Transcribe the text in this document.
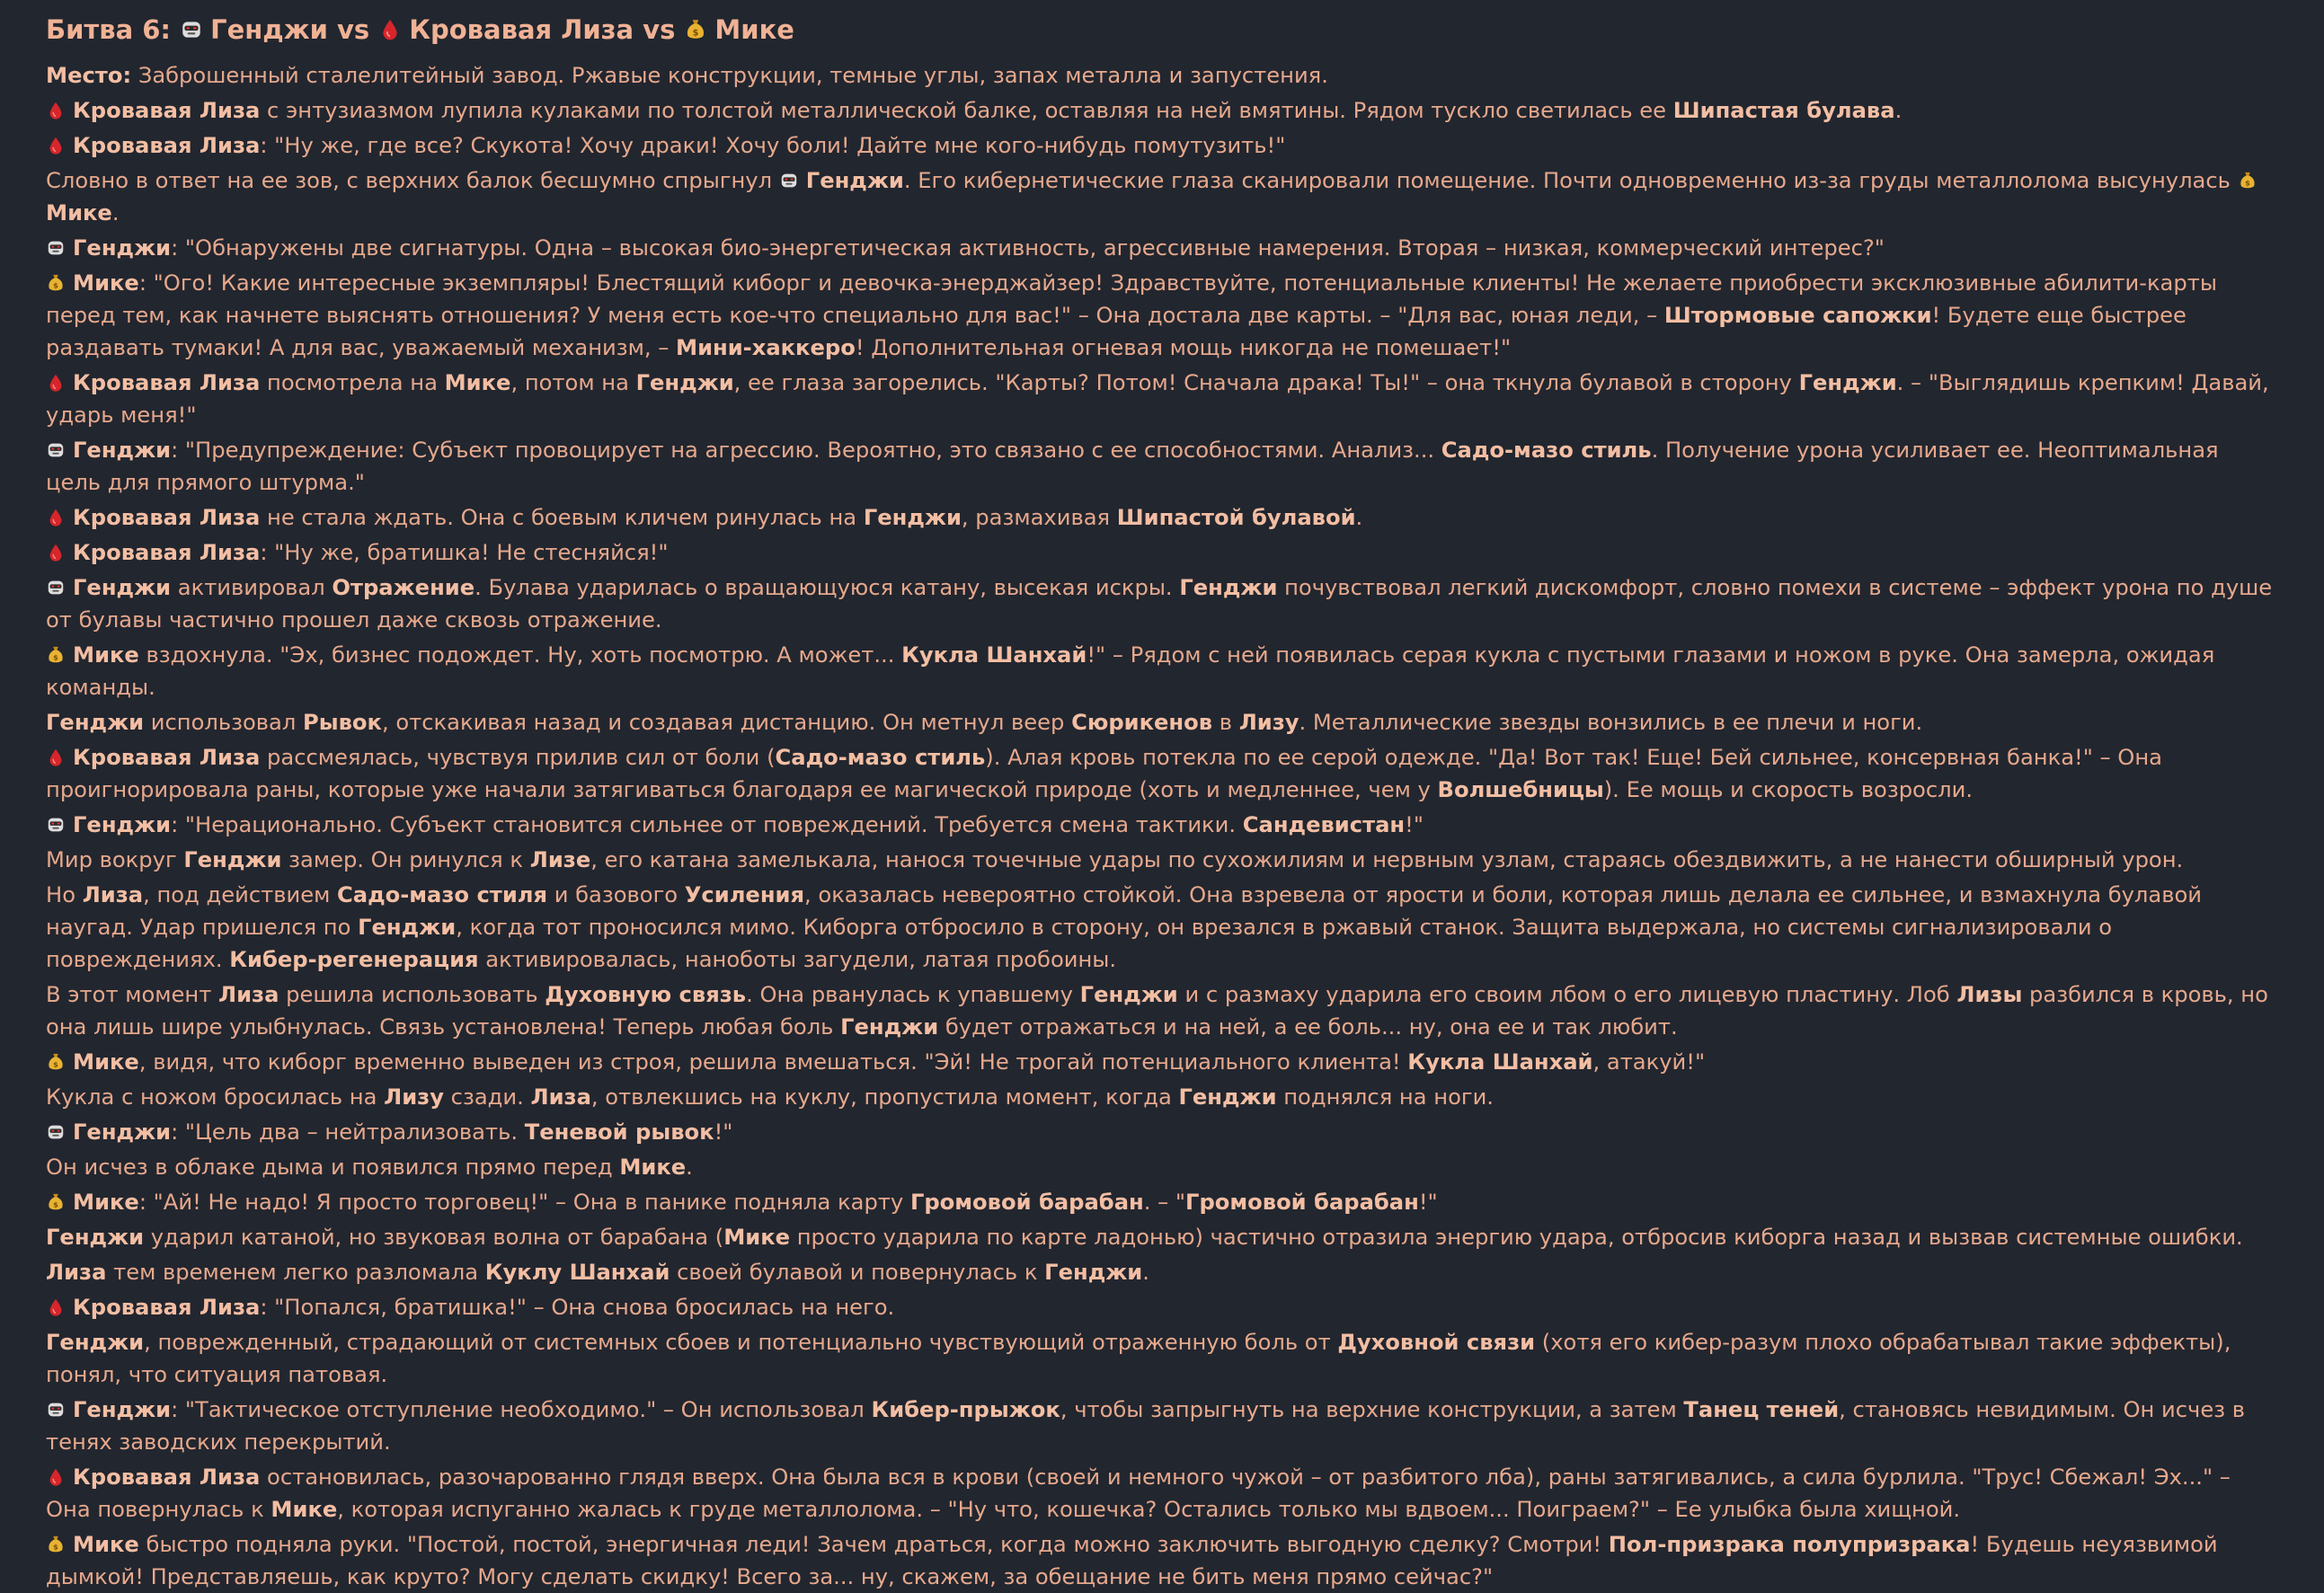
Битва 6:
Генджи vs
Кровавая Лиза vs $ Мике

Место: Заброшенный сталелитейный завод. Ржавые конструкции, темные углы, запах металла и запустения.

Кровавая Лиза с энтузиазмом лупила кулаками по толстой металлической балке, оставляя на ней вмятины. Рядом тускло светилась ее Шипастая булава.

Кровавая Лиза: "Ну же, где все? Скукота! Хочу драки! Хочу боли! Дайте мне кого-нибудь помутузить!"

Словно в ответ на ее зов, с верхних балок бесшумно спрыгнул
Генджи. Его кибернетические глаза сканировали помещение. Почти одновременно из-за груды металлолома высунулась $
Мике.

Генджи: "Обнаружены две сигнатуры. Одна – высокая био-энергетическая активность, агрессивные намерения. Вторая – низкая, коммерческий интерес?"

$ Мике: "Ого! Какие интересные экземпляры! Блестящий киборг и девочка-энерджайзер! Здравствуйте, потенциальные клиенты! Не желаете приобрести эксклюзивные абилити-карты перед тем, как начнете выяснять отношения? У меня есть кое-что специально для вас!" – Она достала две карты. – "Для вас, юная леди, – Штормовые сапожки! Будете еще быстрее раздавать тумаки! А для вас, уважаемый механизм, – Мини-хаккеро! Дополнительная огневая мощь никогда не помешает!"

Кровавая Лиза посмотрела на Мике, потом на Генджи, ее глаза загорелись. "Карты? Потом! Сначала драка! Ты!" – она ткнула булавой в сторону Генджи. – "Выглядишь крепким! Давай, ударь меня!"

Генджи: "Предупреждение: Субъект провоцирует на агрессию. Вероятно, это связано с ее способностями. Анализ... Садо-мазо стиль. Получение урона усиливает ее. Неоптимальная цель для прямого штурма."

Кровавая Лиза не стала ждать. Она с боевым кличем ринулась на Генджи, размахивая Шипастой булавой.

Кровавая Лиза: "Ну же, братишка! Не стесняйся!"

Генджи активировал Отражение. Булава ударилась о вращающуюся катану, высекая искры. Генджи почувствовал легкий дискомфорт, словно помехи в системе – эффект урона по душе от булавы частично прошел даже сквозь отражение.

$ Мике вздохнула. "Эх, бизнес подождет. Ну, хоть посмотрю. А может... Кукла Шанхай!" – Рядом с ней появилась серая кукла с пустыми глазами и ножом в руке. Она замерла, ожидая команды.

Генджи использовал Рывок, отскакивая назад и создавая дистанцию. Он метнул веер Сюрикенов в Лизу. Металлические звезды вонзились в ее плечи и ноги.

Кровавая Лиза рассмеялась, чувствуя прилив сил от боли (Садо-мазо стиль). Алая кровь потекла по ее серой одежде. "Да! Вот так! Еще! Бей сильнее, консервная банка!" – Она проигнорировала раны, которые уже начали затягиваться благодаря ее магической природе (хоть и медленнее, чем у Волшебницы). Ее мощь и скорость возросли.

Генджи: "Нерационально. Субъект становится сильнее от повреждений. Требуется смена тактики. Сандевистан!"

Мир вокруг Генджи замер. Он ринулся к Лизе, его катана замелькала, нанося точечные удары по сухожилиям и нервным узлам, стараясь обездвижить, а не нанести обширный урон.

Но Лиза, под действием Садо-мазо стиля и базового Усиления, оказалась невероятно стойкой. Она взревела от ярости и боли, которая лишь делала ее сильнее, и взмахнула булавой наугад. Удар пришелся по Генджи, когда тот проносился мимо. Киборга отбросило в сторону, он врезался в ржавый станок. Защита выдержала, но системы сигнализировали о повреждениях. Кибер-регенерация активировалась, нанoботы загудели, латая пробоины.

В этот момент Лиза решила использовать Духовную связь. Она рванулась к упавшему Генджи и с размаху ударила его своим лбом о его лицевую пластину. Лоб Лизы разбился в кровь, но она лишь шире улыбнулась. Связь установлена! Теперь любая боль Генджи будет отражаться и на ней, а ее боль... ну, она ее и так любит.

$ Мике, видя, что киборг временно выведен из строя, решила вмешаться. "Эй! Не трогай потенциального клиента! Кукла Шанхай, атакуй!"

Кукла с ножом бросилась на Лизу сзади. Лиза, отвлекшись на куклу, пропустила момент, когда Генджи поднялся на ноги.

Генджи: "Цель два – нейтрализовать. Теневой рывок!"

Он исчез в облаке дыма и появился прямо перед Мике.

$ Мике: "Ай! Не надо! Я просто торговец!" – Она в панике подняла карту Громовой барабан. – "Громовой барабан!"

Генджи ударил катаной, но звуковая волна от барабана (Мике просто ударила по карте ладонью) частично отразила энергию удара, отбросив киборга назад и вызвав системные ошибки.

Лиза тем временем легко разломала Куклу Шанхай своей булавой и повернулась к Генджи.

Кровавая Лиза: "Попался, братишка!" – Она снова бросилась на него.

Генджи, поврежденный, страдающий от системных сбоев и потенциально чувствующий отраженную боль от Духовной связи (хотя его кибер-разум плохо обрабатывал такие эффекты), понял, что ситуация патовая.

Генджи: "Тактическое отступление необходимо." – Он использовал Кибер-прыжок, чтобы запрыгнуть на верхние конструкции, а затем Танец теней, становясь невидимым. Он исчез в тенях заводских перекрытий.

Кровавая Лиза остановилась, разочарованно глядя вверх. Она была вся в крови (своей и немного чужой – от разбитого лба), раны затягивались, а сила бурлила. "Трус! Сбежал! Эх..." – Она повернулась к Мике, которая испуганно жалась к груде металлолома. – "Ну что, кошечка? Остались только мы вдвоем... Поиграем?" – Ее улыбка была хищной.

$ Мике быстро подняла руки. "Постой, постой, энергичная леди! Зачем драться, когда можно заключить выгодную сделку? Смотри! Пол-призрака полупризрака! Будешь неуязвимой дымкой! Представляешь, как круто? Могу сделать скидку! Всего за... ну, скажем, за обещание не бить меня прямо сейчас?"
